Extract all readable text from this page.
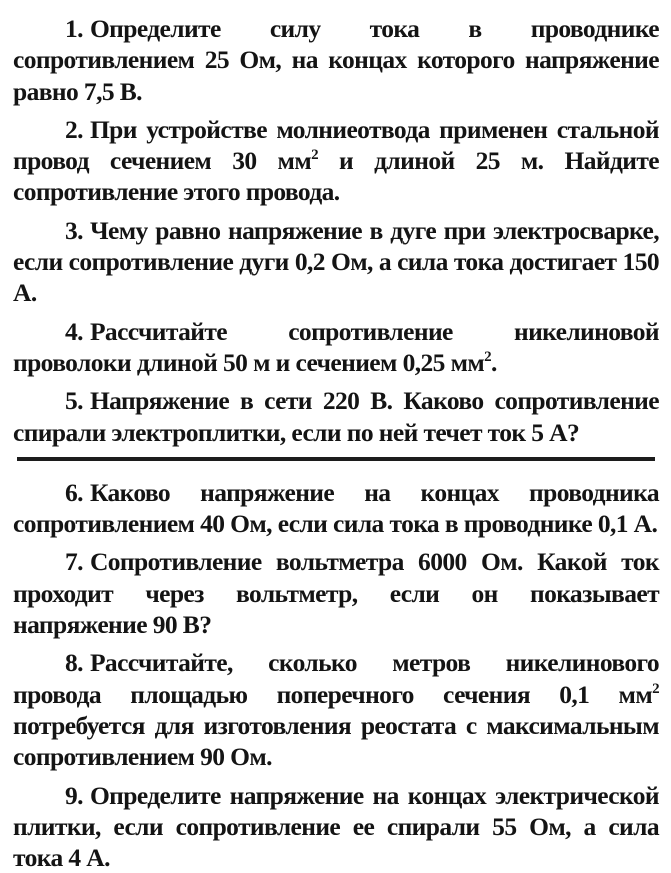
1. Определите силу тока в проводнике сопротивлением 25 Ом, на концах которого напряжение равно 7,5 В.

2. При устройстве молниеотвода применен стальной провод сечением 30 $мм^2$ и длиной 25 м. Найдите сопротивление этого провода.

3. Чему равно напряжение в дуге при электросварке, если сопротивление дуги 0,2 Ом, а сила тока достигает 150 А.

4. Рассчитайте сопротивление никелиновой проволоки длиной 50 м и сечением 0,25 $мм^2$.

5. Напряжение в сети 220 В. Каково сопротивление спирали электроплитки, если по ней течет ток 5 А?

6. Каково напряжение на концах проводника сопротивлением 40 Ом, если сила тока в проводнике 0,1 А.

7. Сопротивление вольтметра 6000 Ом. Какой ток проходит через вольтметр, если он показывает напряжение 90 В?

8. Рассчитайте, сколько метров никелинового провода площадью поперечного сечения 0,1 $мм^2$ потребуется для изготовления реостата с максимальным сопротивлением 90 Ом.

9. Определите напряжение на концах электрической плитки, если сопротивление ее спирали 55 Ом, а сила тока 4 А.
